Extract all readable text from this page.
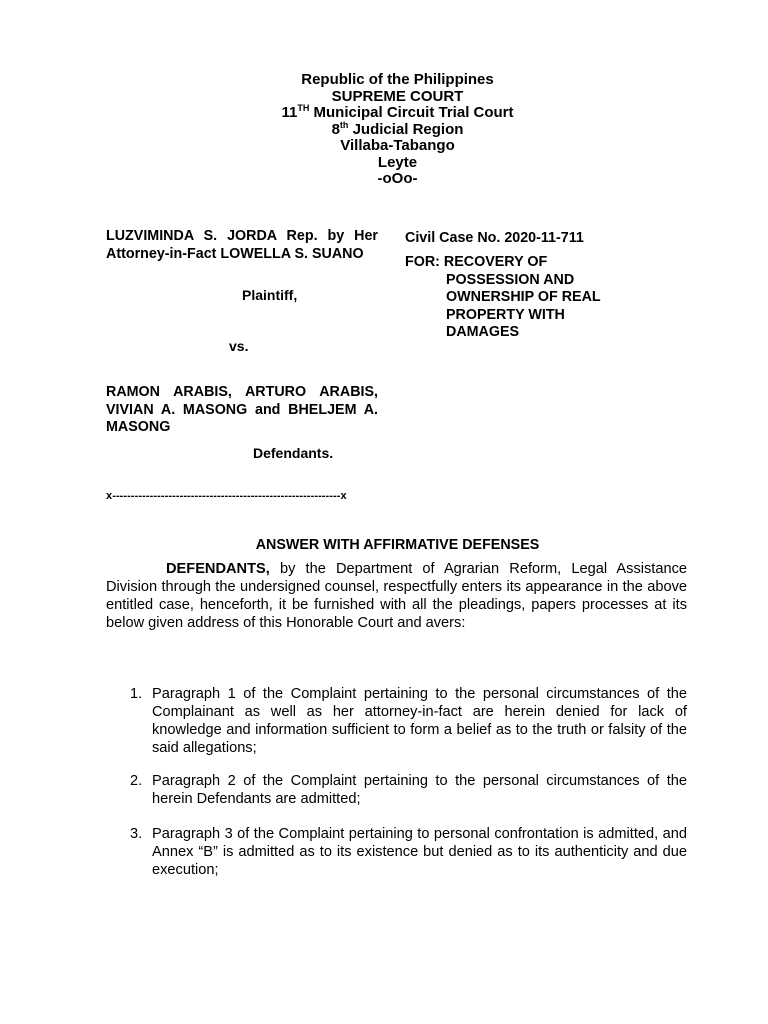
Republic of the Philippines
SUPREME COURT
11TH Municipal Circuit Trial Court
8th Judicial Region
Villaba-Tabango
Leyte
-oOo-
LUZVIMINDA S. JORDA Rep. by Her Attorney-in-Fact LOWELLA S. SUANO
Plaintiff,
vs.
RAMON ARABIS, ARTURO ARABIS, VIVIAN A. MASONG and BHELJEM A. MASONG
Defendants.
Civil Case No. 2020-11-711
FOR: RECOVERY OF
POSSESSION AND
OWNERSHIP OF REAL
PROPERTY WITH
DAMAGES
x-------------------------------------------------------------x
ANSWER WITH AFFIRMATIVE DEFENSES
DEFENDANTS, by the Department of Agrarian Reform, Legal Assistance Division through the undersigned counsel, respectfully enters its appearance in the above entitled case, henceforth, it be furnished with all the pleadings, papers processes at its below given address of this Honorable Court and avers:
1. Paragraph 1 of the Complaint pertaining to the personal circumstances of the Complainant as well as her attorney-in-fact are herein denied for lack of knowledge and information sufficient to form a belief as to the truth or falsity of the said allegations;
2. Paragraph 2 of the Complaint pertaining to the personal circumstances of the herein Defendants are admitted;
3. Paragraph 3 of the Complaint pertaining to personal confrontation is admitted, and Annex “B” is admitted as to its existence but denied as to its authenticity and due execution;
